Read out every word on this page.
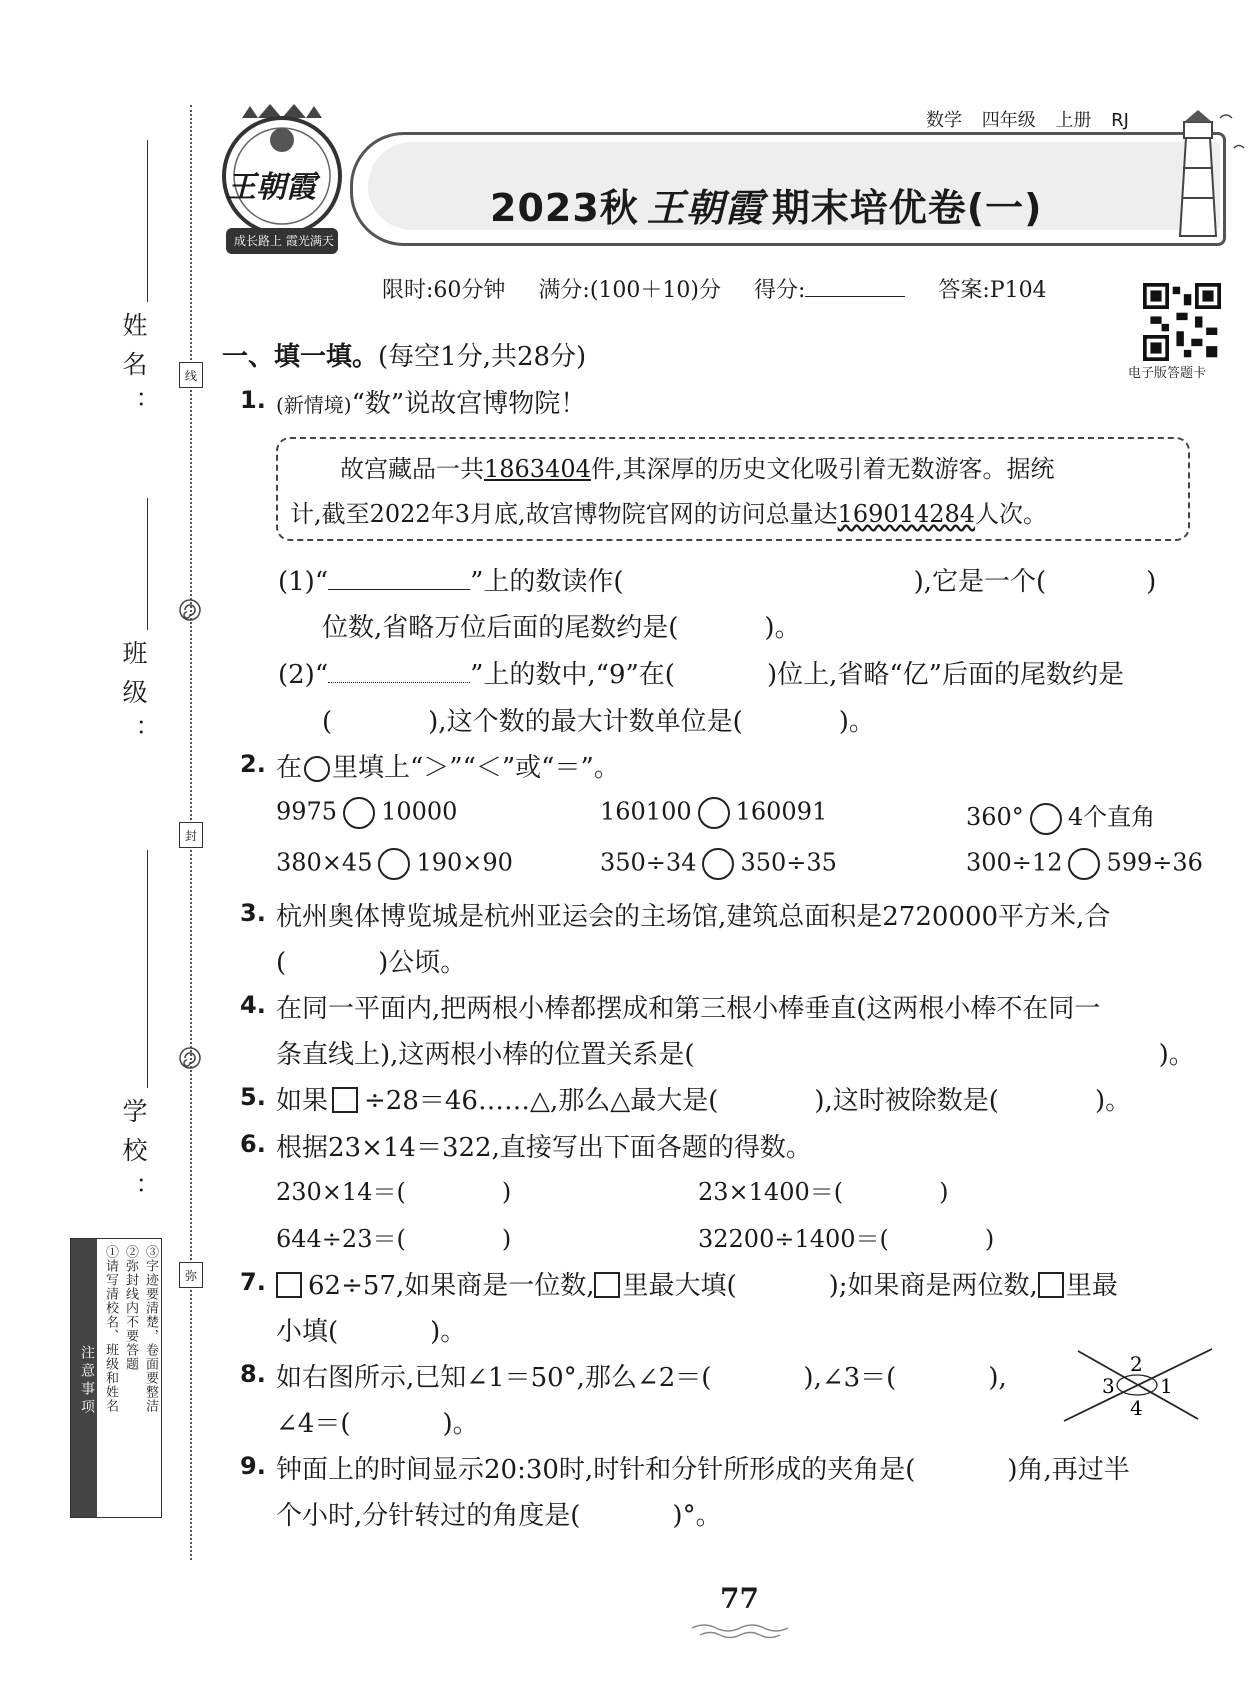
姓名：
班级：
学校：
线
封
弥
注意事项 ①请写清校名、班级和姓名 ②弥封线内不要答题 ③字迹要清楚，卷面要整洁
数学 四年级 上册 RJ
2023秋 王朝霞 期末培优卷(一)
王朝霞
成长路上 霞光满天
限时:60分钟 满分:(100＋10)分 得分:	答案:P104
电子版答题卡
一、填一填。(每空1分,共28分)
1. (新情境)“数”说故宫博物院！
故宫藏品一共1863404件,其深厚的历史文化吸引着无数游客。据统
计,截至2022年3月底,故宫博物院官网的访问总量达169014284人次。
(1)“	”上的数读作(	),它是一个(	)
位数,省略万位后面的尾数约是(	)。
(2)“	”上的数中,“9”在(	)位上,省略“亿”后面的尾数约是
(	),这个数的最大计数单位是(	)。
2. 在 里填上“＞”“＜”或“＝”。
9975 10000	160100 160091	360° 4个直角
380×45 190×90	350÷34 350÷35	300÷12 599÷36
3. 杭州奥体博览城是杭州亚运会的主场馆,建筑总面积是2720000平方米,合
(	)公顷。
4. 在同一平面内,把两根小棒都摆成和第三根小棒垂直(这两根小棒不在同一
条直线上),这两根小棒的位置关系是(	)。
5. 如果 ÷28＝46……△,那么△最大是(	),这时被除数是(	)。
6. 根据23×14＝322,直接写出下面各题的得数。
230×14＝(	)	23×1400＝(	)
644÷23＝(	)	32200÷1400＝(	)
7.	62÷57,如果商是一位数, 里最大填(	);如果商是两位数, 里最
小填(	)。
8. 如右图所示,已知∠1＝50°,那么∠2＝(	),∠3＝(	),
∠4＝(	)。
2
3 1
4
9. 钟面上的时间显示20:30时,时针和分针所形成的夹角是(	)角,再过半
个小时,分针转过的角度是(	)°。
77
